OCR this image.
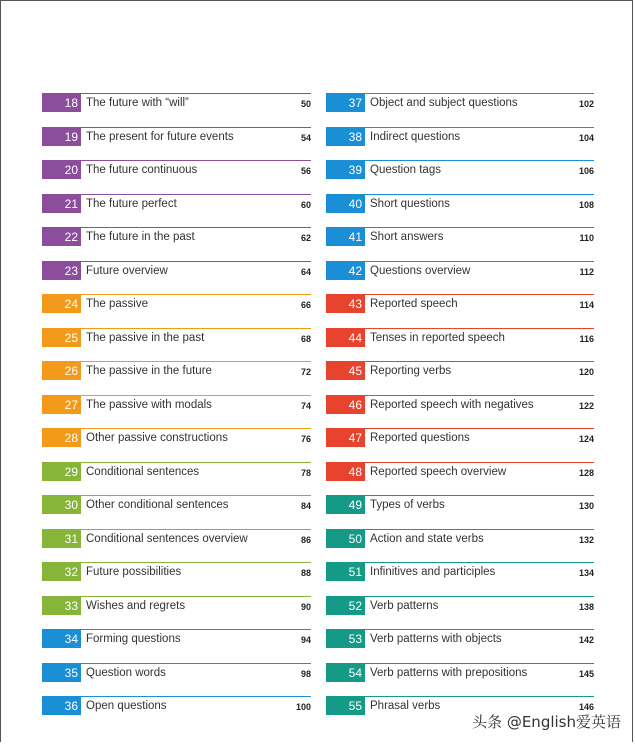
18 The future with “will”	50
19 The present for future events	54
20 The future continuous	56
21 The future perfect	60
22 The future in the past	62
23 Future overview	64
24 The passive	66
25 The passive in the past	68
26 The passive in the future	72
27 The passive with modals	74
28 Other passive constructions	76
29 Conditional sentences	78
30 Other conditional sentences	84
31 Conditional sentences overview	86
32 Future possibilities	88
33 Wishes and regrets	90
34 Forming questions	94
35 Question words	98
36 Open questions	100
37 Object and subject questions	102
38 Indirect questions	104
39 Question tags	106
40 Short questions	108
41 Short answers	110
42 Questions overview	112
43 Reported speech	114
44 Tenses in reported speech	116
45 Reporting verbs	120
46 Reported speech with negatives	122
47 Reported questions	124
48 Reported speech overview	128
49 Types of verbs	130
50 Action and state verbs	132
51 Infinitives and participles	134
52 Verb patterns	138
53 Verb patterns with objects	142
54 Verb patterns with prepositions	145
55 Phrasal verbs	146
头条 @English爱英语
